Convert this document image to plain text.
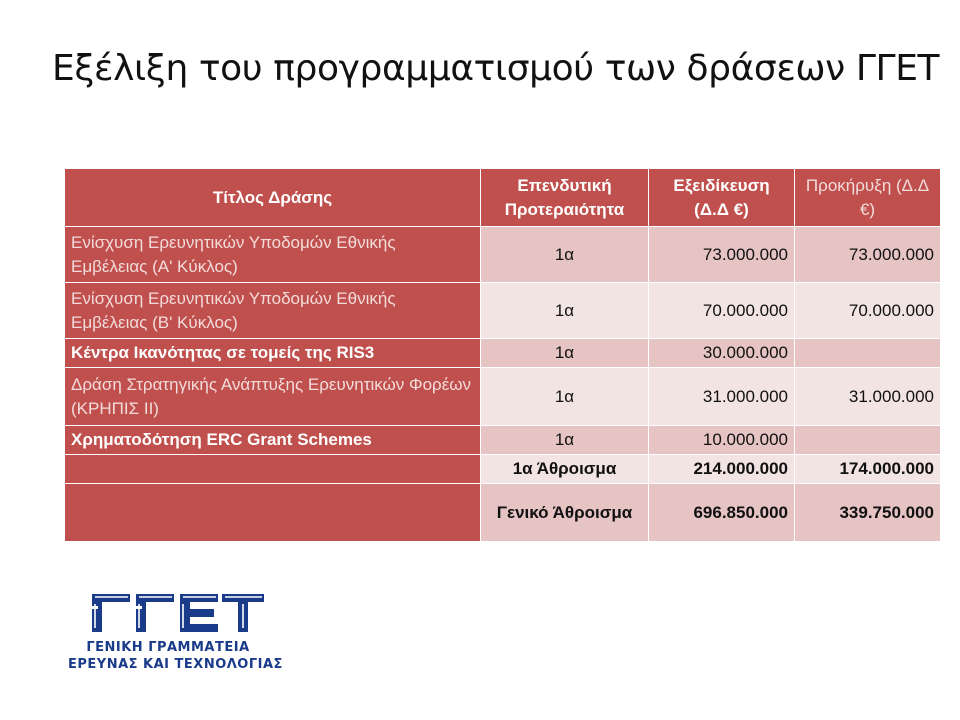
Εξέλιξη του προγραμματισμού των δράσεων ΓΓΕΤ
Τίτλος Δράσης	Επενδυτική Προτεραιότητα	Εξειδίκευση (Δ.Δ €)	Προκήρυξη (Δ.Δ €)
Ενίσχυση Ερευνητικών Υποδομών Εθνικής Εμβέλειας (Α' Κύκλος)	1α	73.000.000	73.000.000
Ενίσχυση Ερευνητικών Υποδομών Εθνικής Εμβέλειας (Β' Κύκλος)	1α	70.000.000	70.000.000
Κέντρα Ικανότητας σε τομείς της RIS3	1α	30.000.000	
Δράση Στρατηγικής Ανάπτυξης Ερευνητικών Φορέων (ΚΡΗΠΙΣ ΙΙ)	1α	31.000.000	31.000.000
Χρηματοδότηση ERC Grant Schemes	1α	10.000.000	
	1α Άθροισμα	214.000.000	174.000.000
	Γενικό Άθροισμα	696.850.000	339.750.000
ΓΕΝΙΚΗ ΓΡΑΜΜΑΤΕΙΑ
ΕΡΕΥΝΑΣ ΚΑΙ ΤΕΧΝΟΛΟΓΙΑΣ
